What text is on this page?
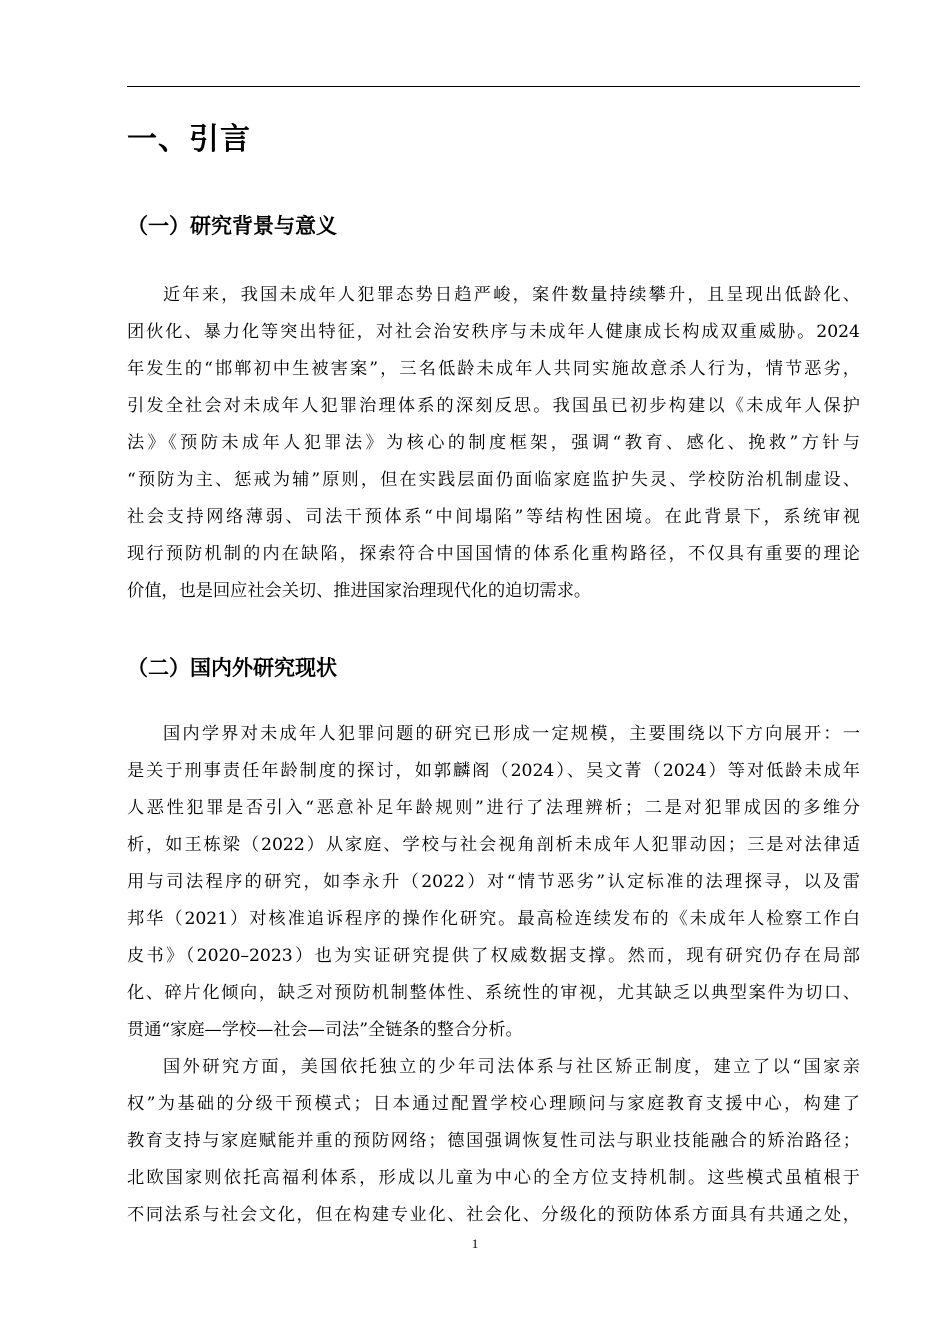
一、引言
（一）研究背景与意义
近年来，我国未成年人犯罪态势日趋严峻，案件数量持续攀升，且呈现出低龄化、
团伙化、暴力化等突出特征，对社会治安秩序与未成年人健康成长构成双重威胁。2024
年发生的“邯郸初中生被害案”，三名低龄未成年人共同实施故意杀人行为，情节恶劣，
引发全社会对未成年人犯罪治理体系的深刻反思。我国虽已初步构建以《未成年人保护
法》《预防未成年人犯罪法》为核心的制度框架，强调“教育、感化、挽救”方针与
“预防为主、惩戒为辅”原则，但在实践层面仍面临家庭监护失灵、学校防治机制虚设、
社会支持网络薄弱、司法干预体系“中间塌陷”等结构性困境。在此背景下，系统审视
现行预防机制的内在缺陷，探索符合中国国情的体系化重构路径，不仅具有重要的理论
价值，也是回应社会关切、推进国家治理现代化的迫切需求。
（二）国内外研究现状
国内学界对未成年人犯罪问题的研究已形成一定规模，主要围绕以下方向展开：一
是关于刑事责任年龄制度的探讨，如郭麟阁（2024）、吴文菁（2024）等对低龄未成年
人恶性犯罪是否引入“恶意补足年龄规则”进行了法理辨析；二是对犯罪成因的多维分
析，如王栋梁（2022）从家庭、学校与社会视角剖析未成年人犯罪动因；三是对法律适
用与司法程序的研究，如李永升（2022）对“情节恶劣”认定标准的法理探寻，以及雷
邦华（2021）对核准追诉程序的操作化研究。最高检连续发布的《未成年人检察工作白
皮书》（2020–2023）也为实证研究提供了权威数据支撑。然而，现有研究仍存在局部
化、碎片化倾向，缺乏对预防机制整体性、系统性的审视，尤其缺乏以典型案件为切口、
贯通“家庭—学校—社会—司法”全链条的整合分析。
国外研究方面，美国依托独立的少年司法体系与社区矫正制度，建立了以“国家亲
权”为基础的分级干预模式；日本通过配置学校心理顾问与家庭教育支援中心，构建了
教育支持与家庭赋能并重的预防网络；德国强调恢复性司法与职业技能融合的矫治路径；
北欧国家则依托高福利体系，形成以儿童为中心的全方位支持机制。这些模式虽植根于
不同法系与社会文化，但在构建专业化、社会化、分级化的预防体系方面具有共通之处，
1
